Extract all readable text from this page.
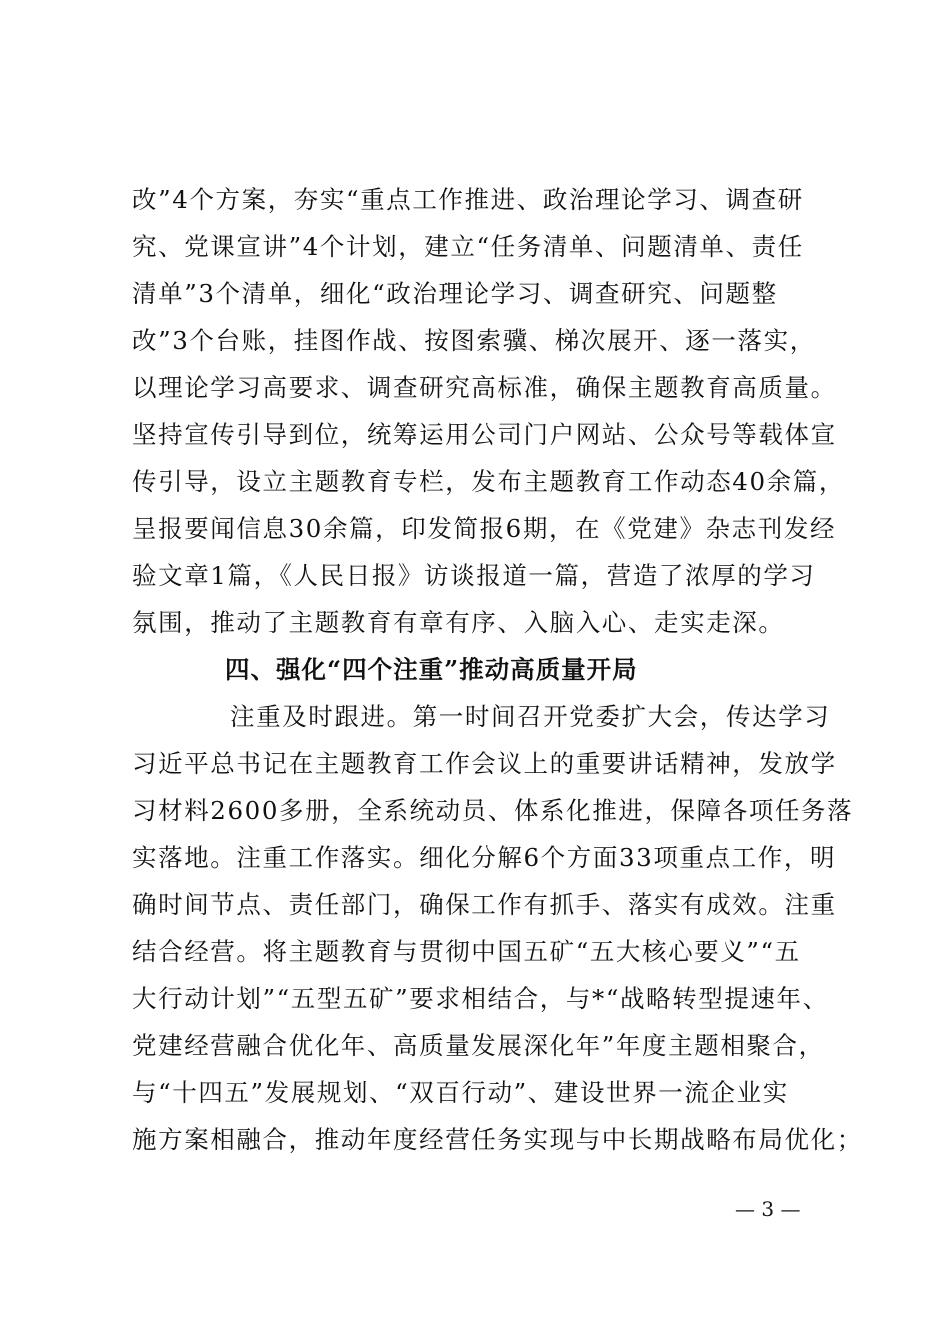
改”4个方案，夯实“重点工作推进、政治理论学习、调查研
究、党课宣讲”4个计划，建立“任务清单、问题清单、责任
清单”3个清单，细化“政治理论学习、调查研究、问题整
改”3个台账，挂图作战、按图索骥、梯次展开、逐一落实，
以理论学习高要求、调查研究高标准，确保主题教育高质量。
坚持宣传引导到位，统筹运用公司门户网站、公众号等载体宣
传引导，设立主题教育专栏，发布主题教育工作动态40余篇，
呈报要闻信息30余篇，印发简报6期，在《党建》杂志刊发经
验文章1篇，《人民日报》访谈报道一篇，营造了浓厚的学习
氛围，推动了主题教育有章有序、入脑入心、走实走深。
四、强化“四个注重”推动高质量开局
注重及时跟进。第一时间召开党委扩大会，传达学习
习近平总书记在主题教育工作会议上的重要讲话精神，发放学
习材料2600多册，全系统动员、体系化推进，保障各项任务落
实落地。注重工作落实。细化分解6个方面33项重点工作，明
确时间节点、责任部门，确保工作有抓手、落实有成效。注重
结合经营。将主题教育与贯彻中国五矿“五大核心要义”“五
大行动计划”“五型五矿”要求相结合，与*“战略转型提速年、
党建经营融合优化年、高质量发展深化年”年度主题相聚合，
与“十四五”发展规划、“双百行动”、建设世界一流企业实
施方案相融合，推动年度经营任务实现与中长期战略布局优化；
— 3 —
